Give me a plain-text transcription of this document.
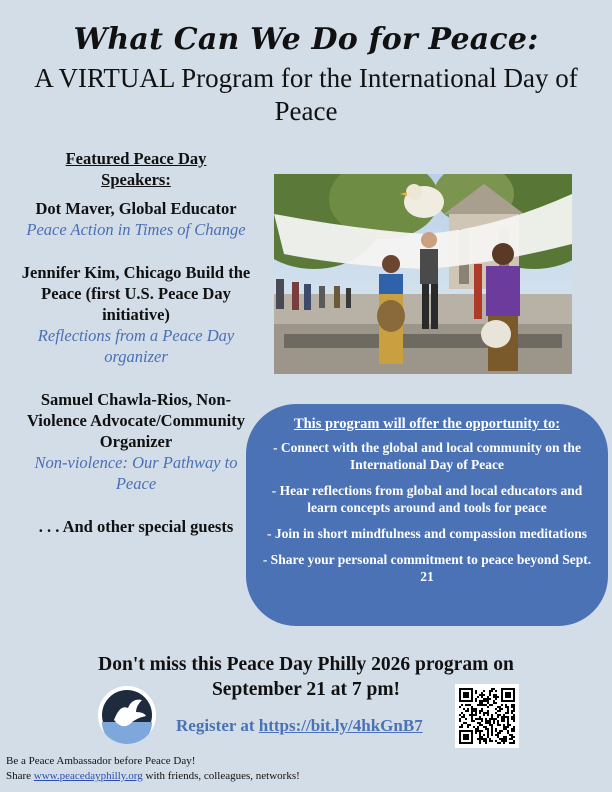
What Can We Do for Peace:
A VIRTUAL Program for the International Day of Peace
Featured Peace Day
Speakers:
Dot Maver, Global Educator
Peace Action in Times of Change
Jennifer Kim, Chicago Build the Peace (first U.S. Peace Day initiative)
Reflections from a Peace Day organizer
Samuel Chawla-Rios, Non-Violence Advocate/Community Organizer
Non-violence: Our Pathway to Peace
. . . And other special guests
This program will offer the opportunity to:
- Connect with the global and local community on the International Day of Peace
- Hear reflections from global and local educators and learn concepts around and tools for peace
- Join in short mindfulness and compassion meditations
- Share your personal commitment to peace beyond Sept. 21
Don't miss this Peace Day Philly 2026 program on
September 21 at 7 pm!
Register at https://bit.ly/4hkGnB7
Be a Peace Ambassador before Peace Day!
Share www.peacedayphilly.org with friends, colleagues, networks!
